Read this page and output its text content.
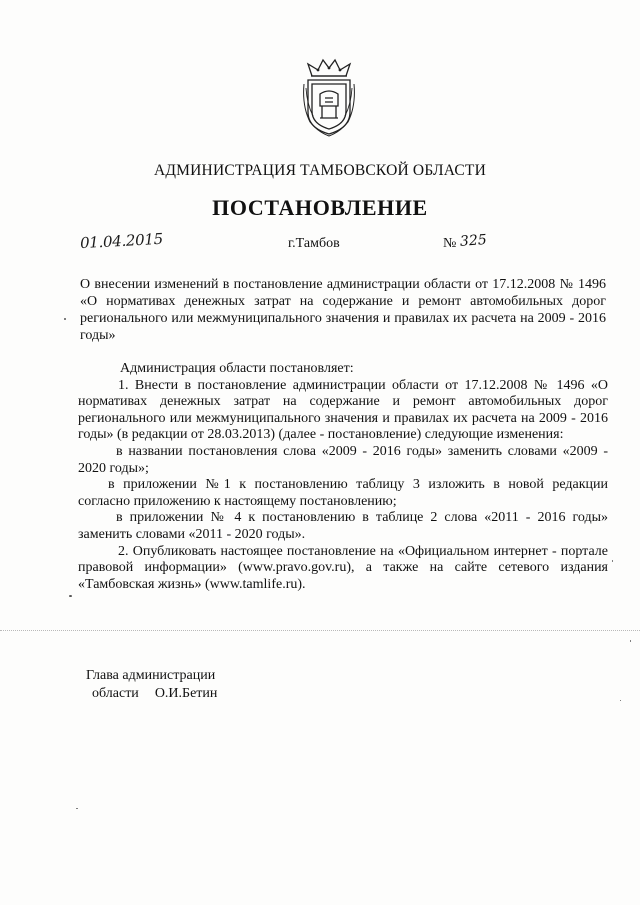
АДМИНИСТРАЦИЯ ТАМБОВСКОЙ ОБЛАСТИ
ПОСТАНОВЛЕНИЕ
01.04.2015	г.Тамбов	№ 325
О внесении изменений в постановление администрации области от 17.12.2008 № 1496 «О нормативах денежных затрат на содержание и ремонт автомобильных дорог регионального или межмуниципального значения и правилах их расчета на 2009 - 2016 годы»

Администрация области постановляет:

1. Внести в постановление администрации области от 17.12.2008 № 1496 «О нормативах денежных затрат на содержание и ремонт автомобильных дорог регионального или межмуниципального значения и правилах их расчета на 2009 - 2016 годы» (в редакции от 28.03.2013) (далее - постановление) следующие изменения:

в названии постановления слова «2009 - 2016 годы» заменить словами «2009 - 2020 годы»;

в приложении №1 к постановлению таблицу 3 изложить в новой редакции согласно приложению к настоящему постановлению;

в приложении № 4 к постановлению в таблице 2 слова «2011 - 2016 годы» заменить словами «2011 - 2020 годы».

2. Опубликовать настоящее постановление на «Официальном интернет - портале правовой информации» (www.pravo.gov.ru), а также на сайте сетевого издания «Тамбовская жизнь» (www.tamlife.ru).

Глава администрации
области О.И.Бетин
